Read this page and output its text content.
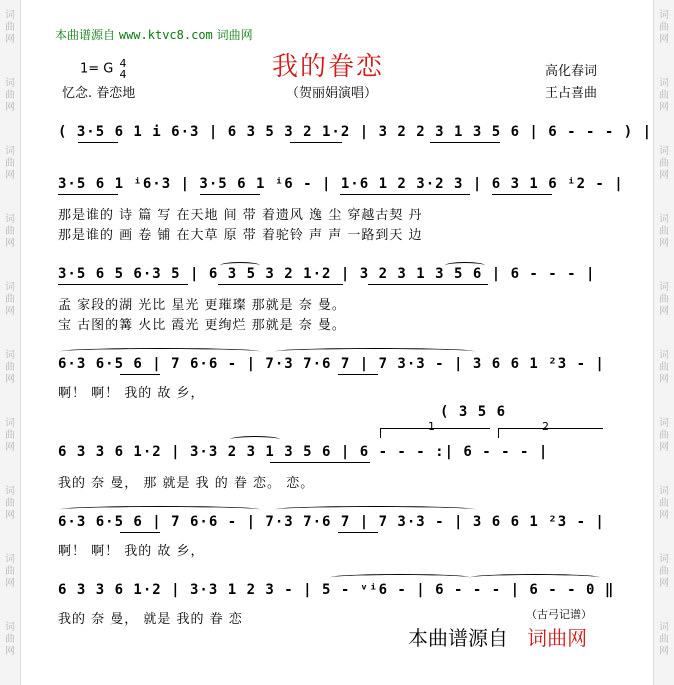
本曲谱源自 www.ktvc8.com 词曲网
我的眷恋
1= G 4
4
忆念. 眷恋地	（贺丽娟演唱）
高化春词
王占喜曲
( 3·5 6 1 i 6·3 | 6 3 5 3 2 1·2 | 3 2 2 3 1 3 5 6 | 6 - - - ) |
3·5 6 1 ⁱ6·3 | 3·5 6 1 ⁱ6 - | 1·6 1 2 3·2 3 | 6 3 1 6 ⁱ2 - |
那是谁的 诗 篇 写 在天地 间 带 着遗风 逸 尘 穿越古契 丹
那是谁的 画 卷 铺 在大草 原 带 着驼铃 声 声 一路到天 边
3·5 6 5 6·3 5 | 6 3 5 3 2 1·2 | 3 2 3 1 3 5 6 | 6 - - - |
孟 家段的湖 光比 星光 更璀璨 那就是 奈 曼。
宝 古图的篝 火比 霞光 更绚烂 那就是 奈 曼。
6·3 6·5 6 | 7 6·6 - | 7·3 7·6 7 | 7 3·3 - | 3 6 6 1 ²3 - |
啊！ 啊！ 我的 故 乡，
( 3 5 6
6 3 3 6 1·2 | 3·3 2 3 1 3 5 6 | 6 - - - :| 6 - - - |
我的 奈 曼， 那 就是 我 的 眷 恋。 恋。
1	2
6·3 6·5 6 | 7 6·6 - | 7·3 7·6 7 | 7 3·3 - | 3 6 6 1 ²3 - |
啊！ 啊！ 我的 故 乡，
6 3 3 6 1·2 | 3·3 1 2 3 - | 5 - ᵛⁱ6 - | 6 - - - | 6 - - 0 ‖
我的 奈 曼， 就是 我的 眷 恋	（古弓记谱）
本曲谱源自 词曲网
词
曲
网
词
曲
网
词
曲
网
词
曲
网
词
曲
网
词
曲
网
词
曲
网
词
曲
网
词
曲
网
词
曲
网
词
曲
网
词
曲
网
词
曲
网
词
曲
网
词
曲
网
词
曲
网
词
曲
网
词
曲
网
词
曲
网
词
曲
网
